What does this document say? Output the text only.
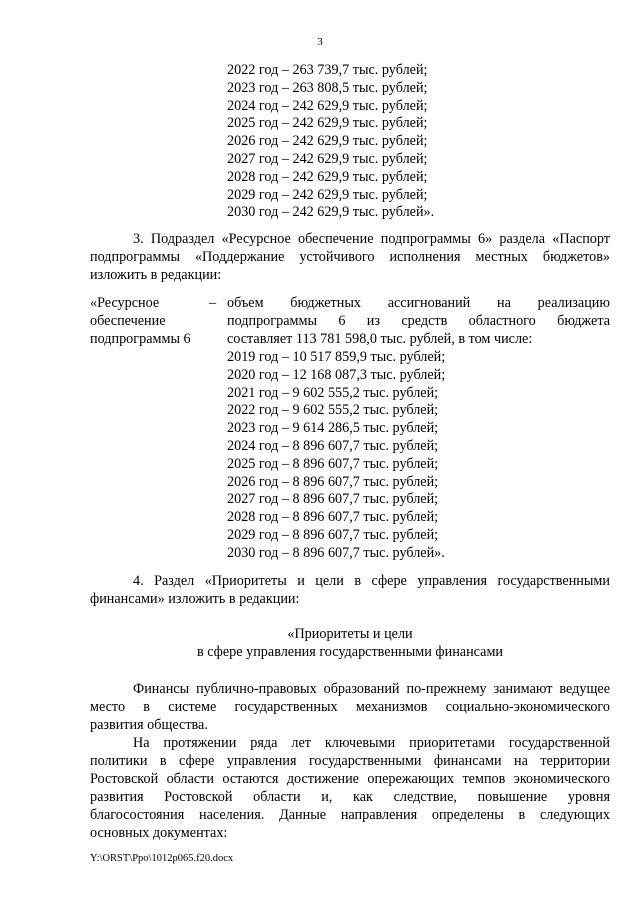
3
2022 год – 263 739,7 тыс. рублей;
2023 год – 263 808,5 тыс. рублей;
2024 год – 242 629,9 тыс. рублей;
2025 год – 242 629,9 тыс. рублей;
2026 год – 242 629,9 тыс. рублей;
2027 год – 242 629,9 тыс. рублей;
2028 год – 242 629,9 тыс. рублей;
2029 год – 242 629,9 тыс. рублей;
2030 год – 242 629,9 тыс. рублей».
3. Подраздел «Ресурсное обеспечение подпрограммы 6» раздела «Паспорт
подпрограммы «Поддержание устойчивого исполнения местных бюджетов»
изложить в редакции:
«Ресурсное
обеспечение
подпрограммы 6
– объем бюджетных ассигнований на реализацию
подпрограммы 6 из средств областного бюджета
составляет 113 781 598,0 тыс. рублей, в том числе:
2019 год – 10 517 859,9 тыс. рублей;
2020 год – 12 168 087,3 тыс. рублей;
2021 год – 9 602 555,2 тыс. рублей;
2022 год – 9 602 555,2 тыс. рублей;
2023 год – 9 614 286,5 тыс. рублей;
2024 год – 8 896 607,7 тыс. рублей;
2025 год – 8 896 607,7 тыс. рублей;
2026 год – 8 896 607,7 тыс. рублей;
2027 год – 8 896 607,7 тыс. рублей;
2028 год – 8 896 607,7 тыс. рублей;
2029 год – 8 896 607,7 тыс. рублей;
2030 год – 8 896 607,7 тыс. рублей».
4. Раздел «Приоритеты и цели в сфере управления государственными
финансами» изложить в редакции:
«Приоритеты и цели
в сфере управления государственными финансами
Финансы публично-правовых образований по-прежнему занимают ведущее
место в системе государственных механизмов социально-экономического
развития общества.
На протяжении ряда лет ключевыми приоритетами государственной
политики в сфере управления государственными финансами на территории
Ростовской области остаются достижение опережающих темпов экономического
развития Ростовской области и, как следствие, повышение уровня
благосостояния населения. Данные направления определены в следующих
основных документах:
Y:\ORST\Ppo\1012p065.f20.docx
